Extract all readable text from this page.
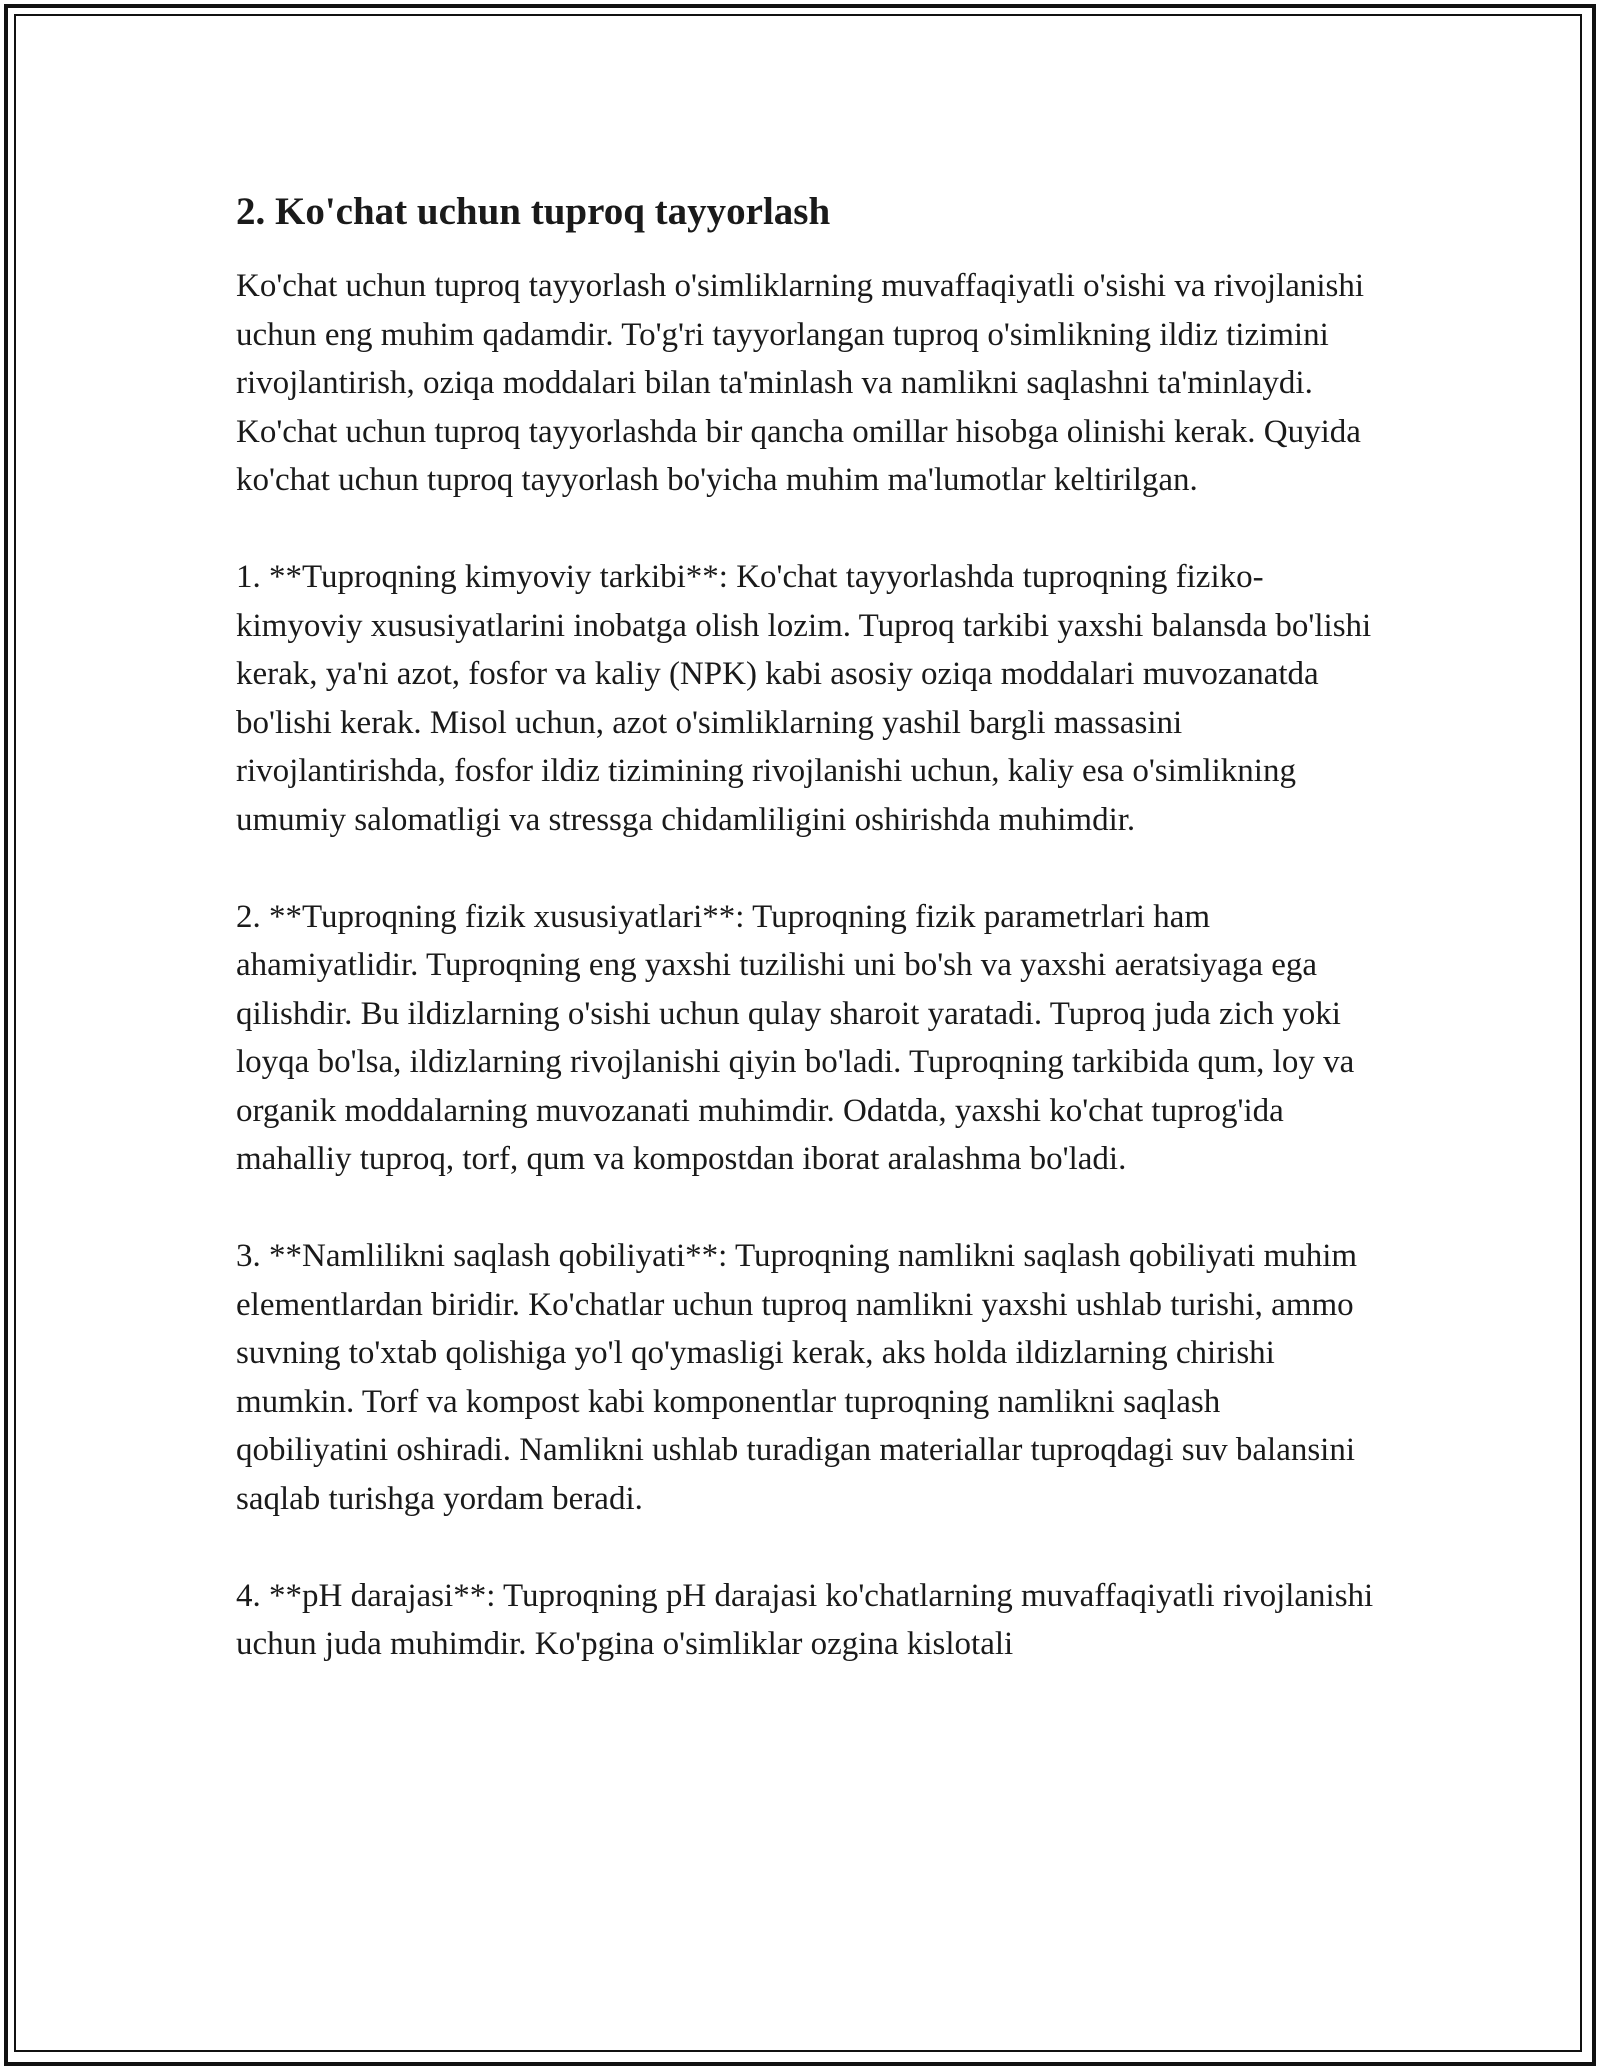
2. Ko'chat uchun tuproq tayyorlash

Ko'chat uchun tuproq tayyorlash o'simliklarning muvaffaqiyatli o'sishi va rivojlanishi uchun eng muhim qadamdir. To'g'ri tayyorlangan tuproq o'simlikning ildiz tizimini rivojlantirish, oziqa moddalari bilan ta'minlash va namlikni saqlashni ta'minlaydi. Ko'chat uchun tuproq tayyorlashda bir qancha omillar hisobga olinishi kerak. Quyida ko'chat uchun tuproq tayyorlash bo'yicha muhim ma'lumotlar keltirilgan.

1. **Tuproqning kimyoviy tarkibi**: Ko'chat tayyorlashda tuproqning fiziko-kimyoviy xususiyatlarini inobatga olish lozim. Tuproq tarkibi yaxshi balansda bo'lishi kerak, ya'ni azot, fosfor va kaliy (NPK) kabi asosiy oziqa moddalari muvozanatda bo'lishi kerak. Misol uchun, azot o'simliklarning yashil bargli massasini rivojlantirishda, fosfor ildiz tizimining rivojlanishi uchun, kaliy esa o'simlikning umumiy salomatligi va stressga chidamliligini oshirishda muhimdir.

2. **Tuproqning fizik xususiyatlari**: Tuproqning fizik parametrlari ham ahamiyatlidir. Tuproqning eng yaxshi tuzilishi uni bo'sh va yaxshi aeratsiyaga ega qilishdir. Bu ildizlarning o'sishi uchun qulay sharoit yaratadi. Tuproq juda zich yoki loyqa bo'lsa, ildizlarning rivojlanishi qiyin bo'ladi. Tuproqning tarkibida qum, loy va organik moddalarning muvozanati muhimdir. Odatda, yaxshi ko'chat tuprog'ida mahalliy tuproq, torf, qum va kompostdan iborat aralashma bo'ladi.

3. **Namlilikni saqlash qobiliyati**: Tuproqning namlikni saqlash qobiliyati muhim elementlardan biridir. Ko'chatlar uchun tuproq namlikni yaxshi ushlab turishi, ammo suvning to'xtab qolishiga yo'l qo'ymasligi kerak, aks holda ildizlarning chirishi mumkin. Torf va kompost kabi komponentlar tuproqning namlikni saqlash qobiliyatini oshiradi. Namlikni ushlab turadigan materiallar tuproqdagi suv balansini saqlab turishga yordam beradi.

4. **pH darajasi**: Tuproqning pH darajasi ko'chatlarning muvaffaqiyatli rivojlanishi uchun juda muhimdir. Ko'pgina o'simliklar ozgina kislotali
